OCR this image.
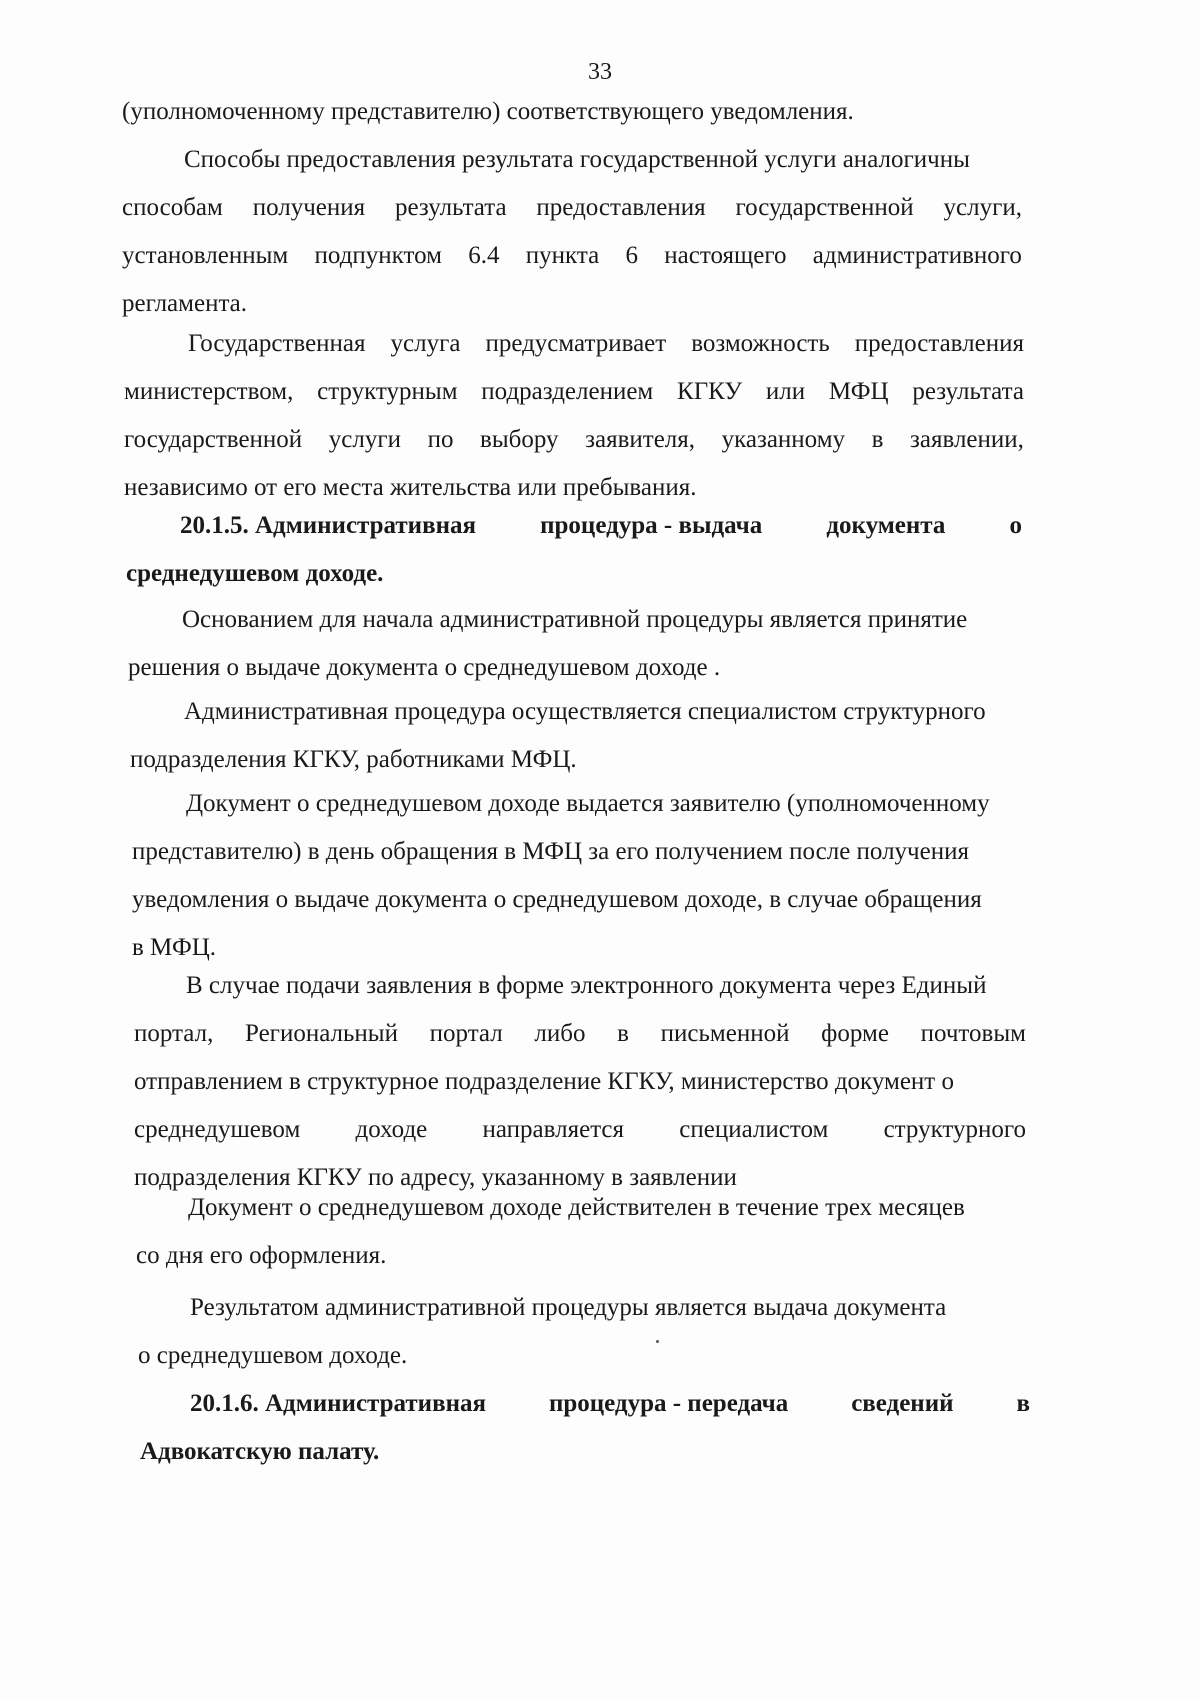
33
(уполномоченному представителю) соответствующего уведомления.
Способы предоставления результата государственной услуги аналогичны
способам получения результата предоставления государственной услуги,
установленным подпунктом 6.4 пункта 6 настоящего административного
регламента.
Государственная услуга предусматривает возможность предоставления
министерством, структурным подразделением КГКУ или МФЦ результата
государственной услуги по выбору заявителя, указанному в заявлении,
независимо от его места жительства или пребывания.
20.1.5. Административная	процедура - выдача	документа	о
среднедушевом доходе.
Основанием для начала административной процедуры является принятие
решения о выдаче документа о среднедушевом доходе .
Административная процедура осуществляется специалистом структурного
подразделения КГКУ, работниками МФЦ.
Документ о среднедушевом доходе выдается заявителю (уполномоченному
представителю) в день обращения в МФЦ за его получением после получения
уведомления о выдаче документа о среднедушевом доходе, в случае обращения
в МФЦ.
В случае подачи заявления в форме электронного документа через Единый
портал, Региональный портал либо в письменной форме почтовым
отправлением в структурное подразделение КГКУ, министерство документ о
среднедушевом доходе направляется специалистом структурного
подразделения КГКУ по адресу, указанному в заявлении
Документ о среднедушевом доходе действителен в течение трех месяцев
со дня его оформления.
Результатом административной процедуры является выдача документа
о среднедушевом доходе.
20.1.6. Административная	процедура - передача	сведений	в
Адвокатскую палату.
